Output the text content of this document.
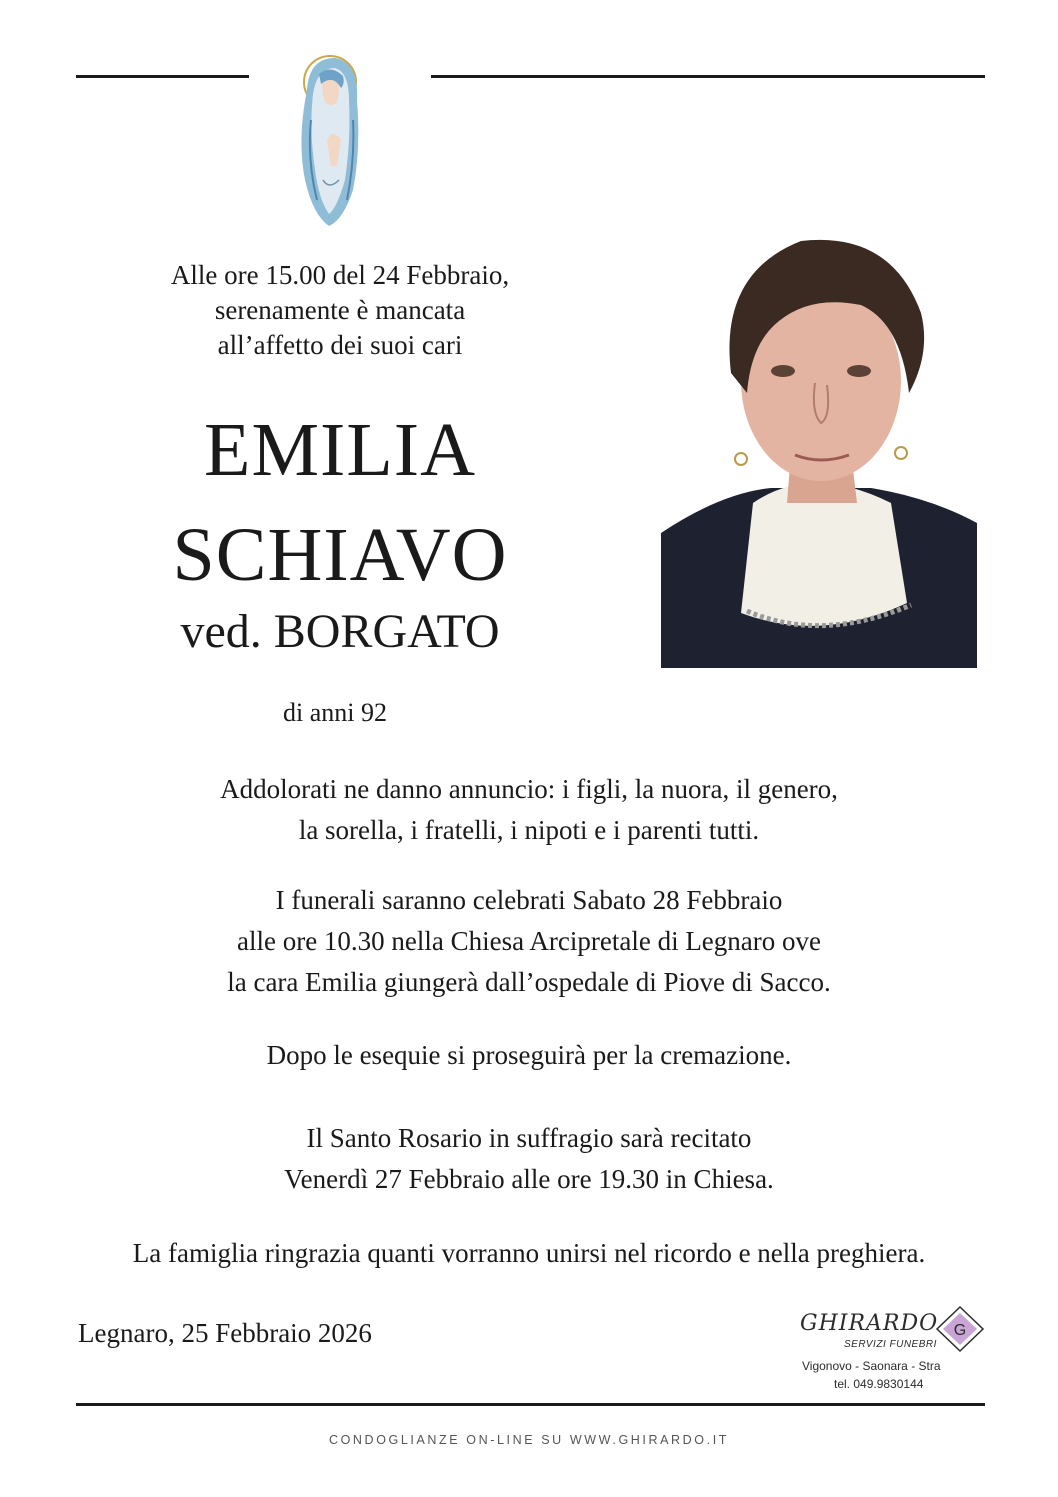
Alle ore 15.00 del 24 Febbraio,
serenamente è mancata
all’affetto dei suoi cari
EMILIA
SCHIAVO
ved. BORGATO
di anni 92
Addolorati ne danno annuncio: i figli, la nuora, il genero,
la sorella, i fratelli, i nipoti e i parenti tutti.
I funerali saranno celebrati Sabato 28 Febbraio
alle ore 10.30 nella Chiesa Arcipretale di Legnaro ove
la cara Emilia giungerà dall’ospedale di Piove di Sacco.
Dopo le esequie si proseguirà per la cremazione.
Il Santo Rosario in suffragio sarà recitato
Venerdì 27 Febbraio alle ore 19.30 in Chiesa.
La famiglia ringrazia quanti vorranno unirsi nel ricordo e nella preghiera.
Legnaro, 25 Febbraio 2026	GHIRARDO
SERVIZI FUNEBRI
G
Vigonovo - Saonara - Stra
tel. 049.9830144
CONDOGLIANZE ON-LINE SU WWW.GHIRARDO.IT
